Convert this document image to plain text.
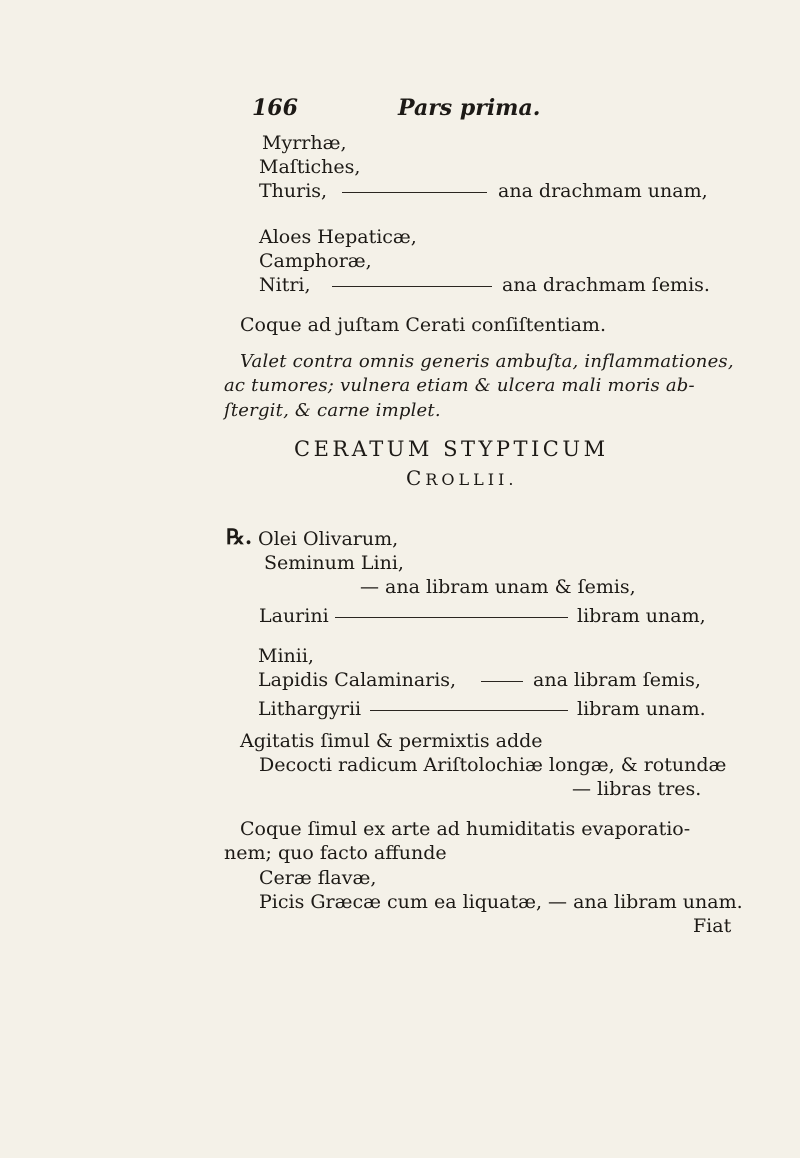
166	Pars prima.
Myrrhæ,
Maſtiches,
Thuris,	ana drachmam unam,
Aloes Hepaticæ,
Camphoræ,
Nitri,	ana drachmam ſemis.
Coque ad juſtam Cerati conſiſtentiam.
Valet contra omnis generis ambuſta, inflammationes,
ac tumores; vulnera etiam & ulcera mali moris ab-
ſtergit, & carne implet.
CERATUM STYPTICUM
CROLLII.
℞. Olei Olivarum,
Seminum Lini,
— ana libram unam & ſemis,
Laurini	libram unam,
Minii,
Lapidis Calaminaris,	ana libram ſemis,
Lithargyrii	libram unam.
Agitatis ſimul & permixtis adde
Decocti radicum Ariſtolochiæ longæ, & rotundæ
— libras tres.
Coque ſimul ex arte ad humiditatis evaporatio-
nem; quo facto affunde
Ceræ flavæ,
Picis Græcæ cum ea liquatæ, — ana libram unam.
Fiat
